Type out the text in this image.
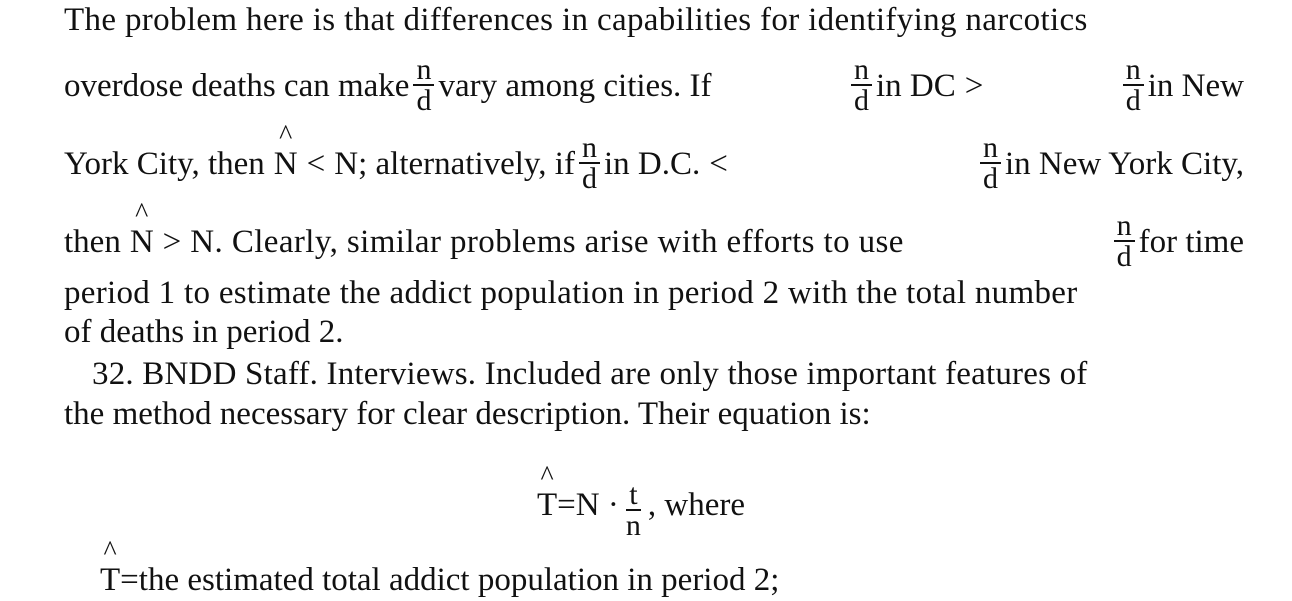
The problem here is that differences in capabilities for identifying narcotics
overdose deaths can make $\frac{n}{d}$ vary among cities. If	$\frac{n}{d}$ in DC >	$\frac{n}{d}$ in New
York City, then ^ N < N; alternatively, if $\frac{n}{d}$ in D.C. <	$\frac{n}{d}$ in New York City,
then ^ N > N. Clearly, similar problems arise with efforts to use	$\frac{n}{d}$ for time
period 1 to estimate the addict population in period 2 with the total number
of deaths in period 2.
32. BNDD Staff. Interviews. Included are only those important features of
the method necessary for clear description. Their equation is:
^ $T = N \cdot \frac{t}{n}$ , where
^ T = the estimated total addict population in period 2;
